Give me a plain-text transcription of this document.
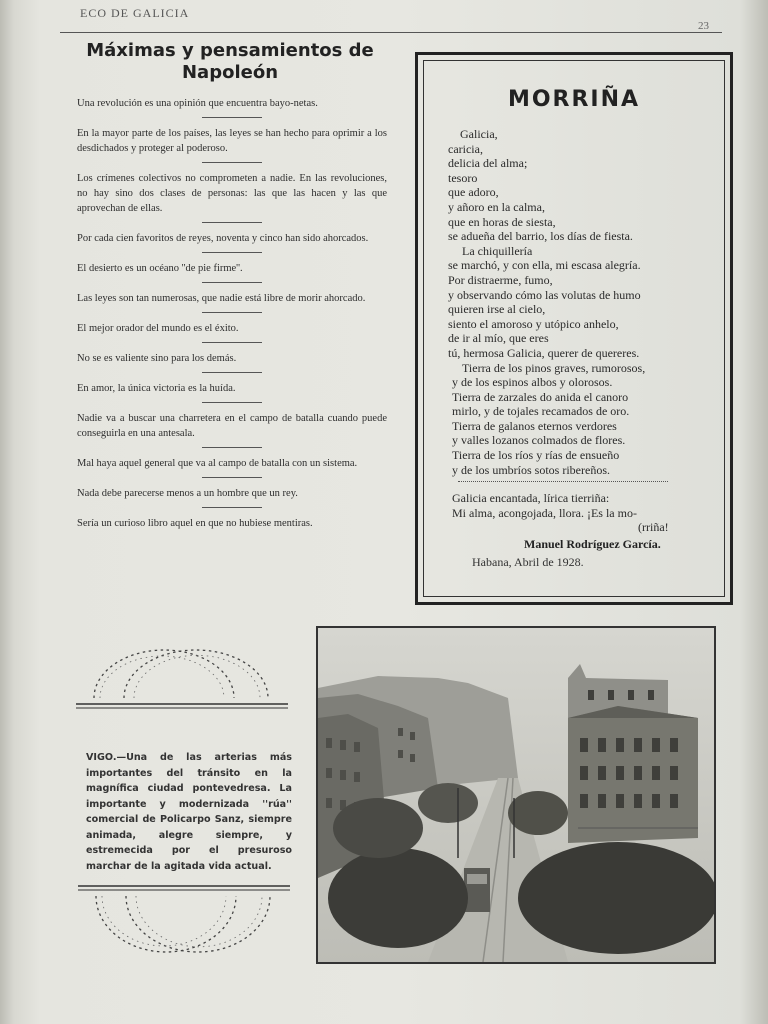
ECO DE GALICIA
23
Máximas y pensamientos de
Napoleón
Una revolución es una opinión que encuentra bayo-netas.
En la mayor parte de los países, las leyes se han hecho para oprimir a los desdichados y proteger al poderoso.
Los crímenes colectivos no comprometen a nadie. En las revoluciones, no hay sino dos clases de personas: las que las hacen y las que aprovechan de ellas.
Por cada cien favoritos de reyes, noventa y cinco han sido ahorcados.
El desierto es un océano ''de pie firme''.
Las leyes son tan numerosas, que nadie está libre de morir ahorcado.
El mejor orador del mundo es el éxito.
No se es valiente sino para los demás.
En amor, la única victoria es la huída.
Nadie va a buscar una charretera en el campo de batalla cuando puede conseguirla en una antesala.
Mal haya aquel general que va al campo de batalla con un sistema.
Nada debe parecerse menos a un hombre que un rey.
Sería un curioso libro aquel en que no hubiese mentiras.
MORRIÑA
Galicia,
caricia,
delicia del alma;
tesoro
que adoro,
y añoro en la calma,
que en horas de siesta,
se adueña del barrio, los días de fiesta.
La chiquillería
se marchó, y con ella, mi escasa alegría.
Por distraerme, fumo,
y observando cómo las volutas de humo
quieren irse al cielo,
siento el amoroso y utópico anhelo,
de ir al mío, que eres
tú, hermosa Galicia, querer de quereres.
Tierra de los pinos graves, rumorosos,
y de los espinos albos y olorosos.
Tierra de zarzales do anida el canoro
mirlo, y de tojales recamados de oro.
Tierra de galanos eternos verdores
y valles lozanos colmados de flores.
Tierra de los ríos y rías de ensueño
y de los umbríos sotos ribereños.
Galicia encantada, lírica tierriña:
Mi alma, acongojada, llora. ¡Es la mo-
(rriña!
Manuel Rodríguez García.
Habana, Abril de 1928.
VIGO.—Una de las arterias más importantes del tránsito en la magnífica ciudad pontevedresa. La importante y modernizada ''rúa'' comercial de Policarpo Sanz, siempre animada, alegre siempre, y estremecida por el presuroso marchar de la agitada vida actual.
